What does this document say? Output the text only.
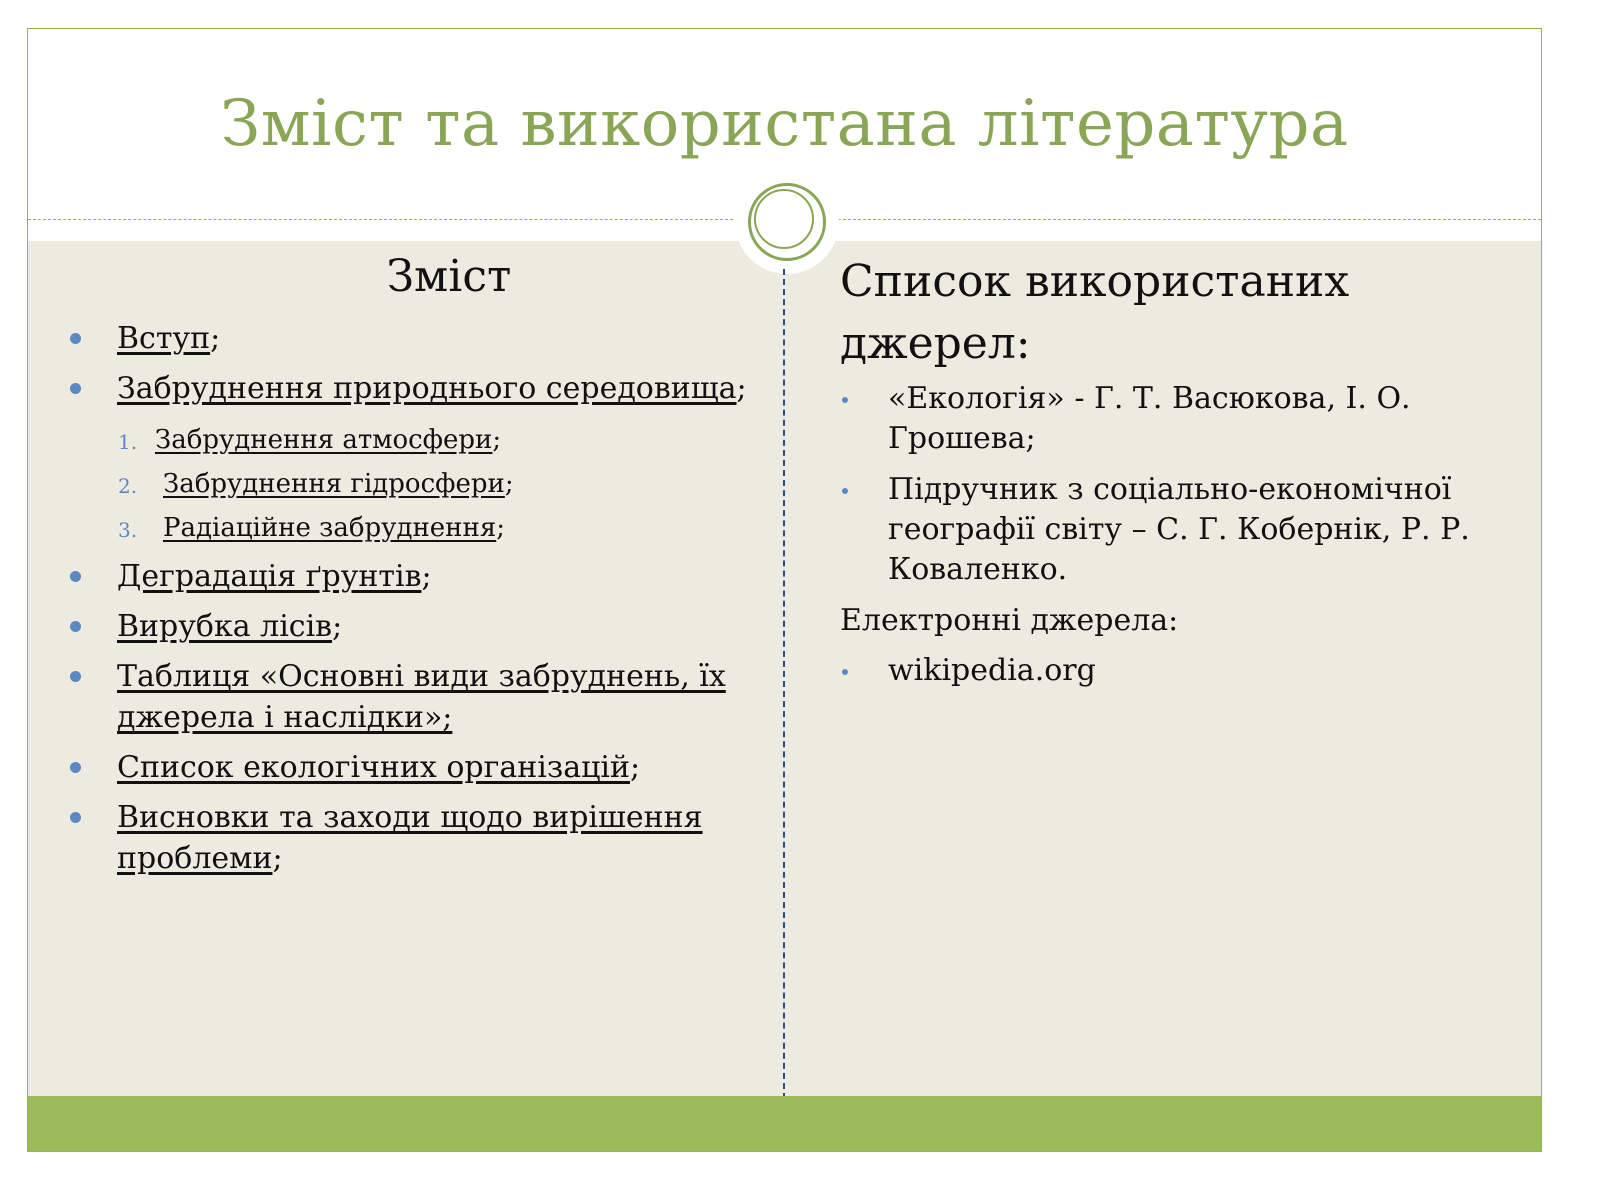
Зміст та використана література
Зміст
Вступ;
Забруднення природнього середовища;
1. Забруднення атмосфери;
2. Забруднення гідросфери;
3. Радіаційне забруднення;
Деградація ґрунтів;
Вирубка лісів;
Таблиця «Основні види забруднень, їх джерела і наслідки»;
Список екологічних організацій;
Висновки та заходи щодо вирішення проблеми;
Список використаних джерел:
«Екологія» - Г. Т. Васюкова, І. О. Грошева;
Підручник з соціально-економічної географії світу – С. Г. Кобернік, Р. Р. Коваленко.

Електронні джерела:

wikipedia.org
